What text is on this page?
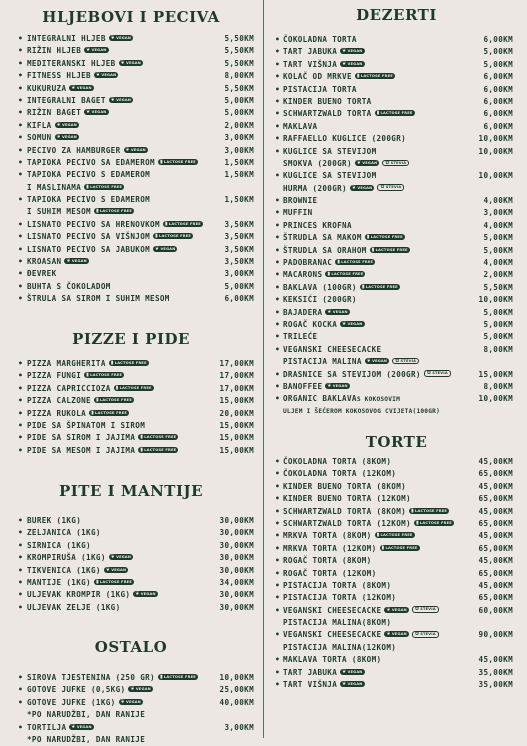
HLJEBOVI I PECIVA
• INTEGRALNI HLJEB ❦VEGAN	5,50KM
• RIŽIN HLJEB ❦VEGAN	5,50KM
• MEDITERANSKI HLJEB ❦VEGAN	5,50KM
• FITNESS HLJEB ❦VEGAN	8,00KM
• KUKURUZA ❦VEGAN	5,50KM
• INTEGRALNI BAGET ❦VEGAN	5,00KM
• RIŽIN BAGET ❦VEGAN	5,00KM
• KIFLA ❦VEGAN	2,00KM
• SOMUN ❦VEGAN	3,00KM
• PECIVO ZA HAMBURGER ❦VEGAN	3,00KM
• TAPIOKA PECIVO SA EDAMEROM ▮LACTOSE FREE	1,50KM
• TAPIOKA PECIVO S EDAMEROM	1,50KM
I MASLINAMA ▮LACTOSE FREE
• TAPIOKA PECIVO S EDAMEROM	1,50KM
I SUHIM MESOM ▮LACTOSE FREE
• LISNATO PECIVO SA HRENOVKOM ▮LACTOSE FREE	3,50KM
• LISNATO PECIVO SA VIŠNJOM ▮LACTOSE FREE	3,50KM
• LISNATO PECIVO SA JABUKOM ❦VEGAN	3,50KM
• KROASAN ❦VEGAN	3,50KM
• ĐEVREK	3,00KM
• BUHTA S ČOKOLADOM	5,00KM
• ŠTRULA SA SIROM I SUHIM MESOM	6,00KM
PIZZE I PIDE
• PIZZA MARGHERITA ▮LACTOSE FREE	17,00KM
• PIZZA FUNGI ▮LACTOSE FREE	17,00KM
• PIZZA CAPRICCIOZA ▮LACTOSE FREE	17,00KM
• PIZZA CALZONE ▮LACTOSE FREE	15,00KM
• PIZZA RUKOLA ▮LACTOSE FREE	20,00KM
• PIDE SA ŠPINATOM I SIROM	15,00KM
• PIDE SA SIROM I JAJIMA ▮LACTOSE FREE	15,00KM
• PIDE SA MESOM I JAJIMA ▮LACTOSE FREE	15,00KM
PITE I MANTIJE
• BUREK (1KG)	30,00KM
• ZELJANICA (1KG)	30,00KM
• SIRNICA (1KG)	30,00KM
• KROMPIRUŠA (1KG) ❦VEGAN	30,00KM
• TIKVENICA (1KG) ❦VEGAN	30,00KM
• MANTIJE (1KG) ▮LACTOSE FREE	34,00KM
• ULJEVAK KROMPIR (1KG) ❦VEGAN	30,00KM
• ULJEVAK ZELJE (1KG)	30,00KM
OSTALO
• SIROVA TJESTENINA (250 GR) ▮LACTOSE FREE	10,00KM
• GOTOVE JUFKE (0,5KG) ❦VEGAN	25,00KM
• GOTOVE JUFKE (1KG) ❦VEGAN	40,00KM
*PO NARUDŽBI, DAN RANIJE
• TORTILJA ❦VEGAN	3,00KM
*PO NARUDŽBI, DAN RANIJE
DEZERTI
• ČOKOLADNA TORTA	6,00KM
• TART JABUKA ❦VEGAN	5,00KM
• TART VIŠNJA ❦VEGAN	5,00KM
• KOLAČ OD MRKVE ▮LACTOSE FREE	6,00KM
• PISTACIJA TORTA	6,00KM
• KINDER BUENO TORTA	6,00KM
• SCHWARTZWALD TORTA ▮LACTOSE FREE	6,00KM
• MAKLAVA	6,00KM
• RAFFAELLO KUGLICE (200GR)	10,00KM
• KUGLICE SA STEVIJOM	10,00KM
SMOKVA (200GR) ❦VEGAN ✿STEVIA
• KUGLICE SA STEVIJOM	10,00KM
HURMA (200GR) ❦VEGAN ✿STEVIA
• BROWNIE	4,00KM
• MUFFIN	3,00KM
• PRINCES KROFNA	4,00KM
• ŠTRUDLA SA MAKOM ▮LACTOSE FREE	5,00KM
• ŠTRUDLA SA ORAHOM ▮LACTOSE FREE	5,00KM
• PADOBRANAC ▮LACTOSE FREE	4,00KM
• MACARONS ▮LACTOSE FREE	2,00KM
• BAKLAVA (100GR) ▮LACTOSE FREE	5,50KM
• KEKSIĆI (200GR)	10,00KM
• BAJADERA ❦VEGAN	5,00KM
• ROGAČ KOCKA ❦VEGAN	5,00KM
• TRILEĆE	5,00KM
• VEGANSKI CHEESECACKE	8,00KM
PISTACIJA MALINA ❦VEGAN ✿STEVIA
• DRASNICE SA STEVIJOM (200GR) ✿STEVIA	15,00KM
• BANOFFEE ❦VEGAN	8,00KM
• ORGANIC BAKLAVAS KOKOSOVIM	10,00KM
ULJEM I ŠEĆEROM KOKOSOVOG CVIJETA(100GR)
TORTE
• ČOKOLADNA TORTA (8KOM)	45,00KM
• ČOKOLADNA TORTA (12KOM)	65,00KM
• KINDER BUENO TORTA (8KOM)	45,00KM
• KINDER BUENO TORTA (12KOM)	65,00KM
• SCHWARTZWALD TORTA (8KOM) ▮LACTOSE FREE	45,00KM
• SCHWARTZWALD TORTA (12KOM) ▮LACTOSE FREE	65,00KM
• MRKVA TORTA (8KOM) ▮LACTOSE FREE	45,00KM
• MRKVA TORTA (12KOM) ▮LACTOSE FREE	65,00KM
• ROGAČ TORTA (8KOM)	45,00KM
• ROGAČ TORTA (12KOM)	65,00KM
• PISTACIJA TORTA (8KOM)	45,00KM
• PISTACIJA TORTA (12KOM)	65,00KM
• VEGANSKI CHEESECACKE ❦VEGAN ✿STEVIA	60,00KM
PISTACIJA MALINA(8KOM)
• VEGANSKI CHEESECACKE ❦VEGAN ✿STEVIA	90,00KM
PISTACIJA MALINA(12KOM)
• MAKLAVA TORTA (8KOM)	45,00KM
• TART JABUKA ❦VEGAN	35,00KM
• TART VIŠNJA ❦VEGAN	35,00KM
